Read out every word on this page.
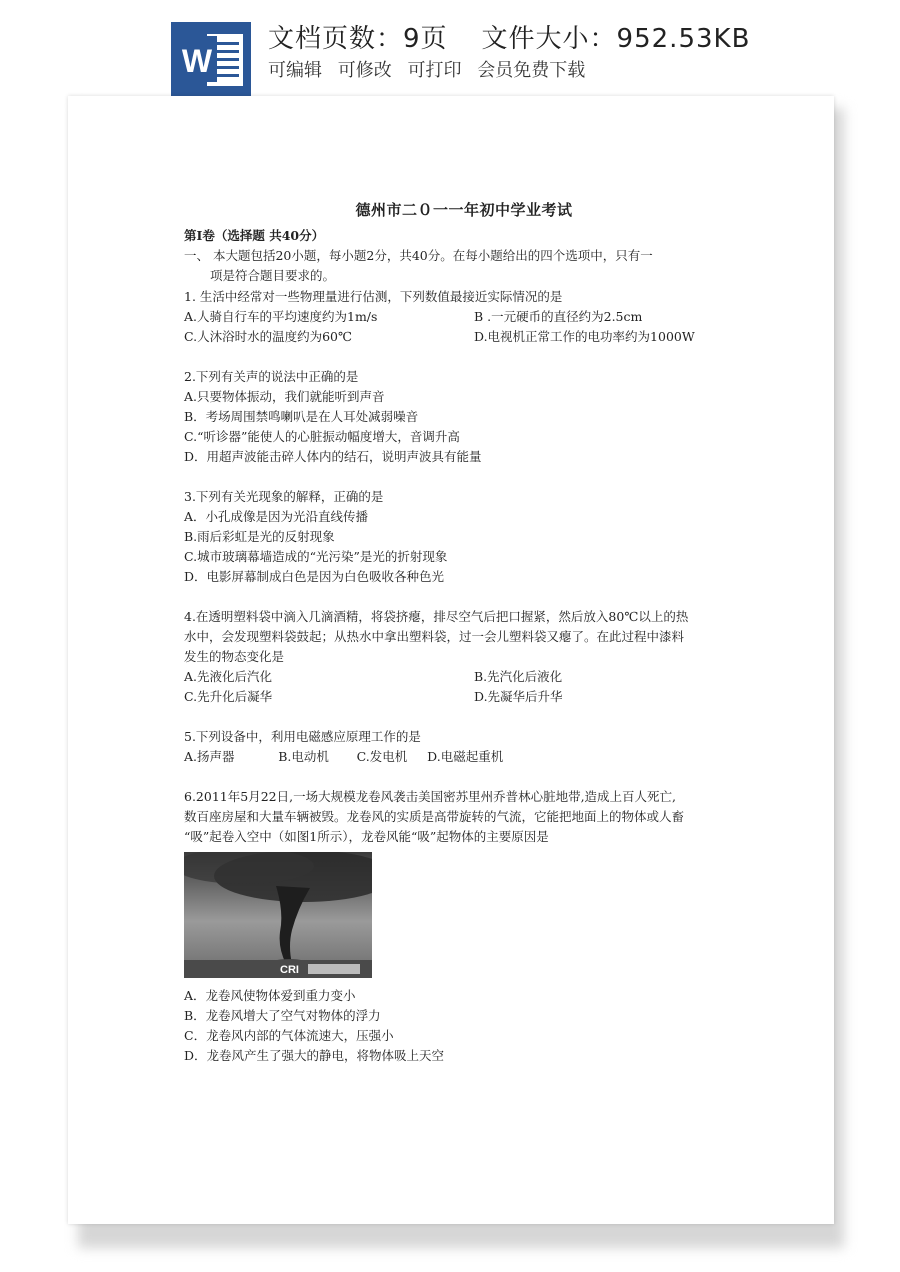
W
文档页数：9页 文件大小：952.53KB
可编辑 可修改 可打印 会员免费下载
德州市二０一一年初中学业考试
第Ⅰ卷（选择题 共40分）
一、 本大题包括20小题，每小题2分，共40分。在每小题给出的四个选项中，只有一
项是符合题目要求的。
1. 生活中经常对一些物理量进行估测，下列数值最接近实际情况的是
A.人骑自行车的平均速度约为1m/s	B .一元硬币的直径约为2.5cm
C.人沐浴时水的温度约为60℃	D.电视机正常工作的电功率约为1000W
2.下列有关声的说法中正确的是
A.只要物体振动，我们就能听到声音
B．考场周围禁鸣喇叭是在人耳处减弱噪音
C.“听诊器”能使人的心脏振动幅度增大，音调升高
D．用超声波能击碎人体内的结石，说明声波具有能量
3.下列有关光现象的解释，正确的是
A．小孔成像是因为光沿直线传播
B.雨后彩虹是光的反射现象
C.城市玻璃幕墙造成的“光污染”是光的折射现象
D．电影屏幕制成白色是因为白色吸收各种色光
4.在透明塑料袋中滴入几滴酒精，将袋挤瘪，排尽空气后把口握紧，然后放入80℃以上的热
水中，会发现塑料袋鼓起；从热水中拿出塑料袋，过一会儿塑料袋又瘪了。在此过程中漆料
发生的物态变化是
A.先液化后汽化	B.先汽化后液化
C.先升化后凝华	D.先凝华后升华
5.下列设备中，利用电磁感应原理工作的是
A.扬声器           B.电动机       C.发电机     D.电磁起重机
6.2011年5月22日,一场大规模龙卷风袭击美国密苏里州乔普林心脏地带,造成上百人死亡,
数百座房屋和大量车辆被毁。龙卷风的实质是高带旋转的气流，它能把地面上的物体或人畜
“吸”起卷入空中（如图1所示），龙卷风能“吸”起物体的主要原因是
CRI
A．龙卷风使物体爱到重力变小
B．龙卷风增大了空气对物体的浮力
C．龙卷风内部的气体流速大，压强小
D．龙卷风产生了强大的静电，将物体吸上天空
